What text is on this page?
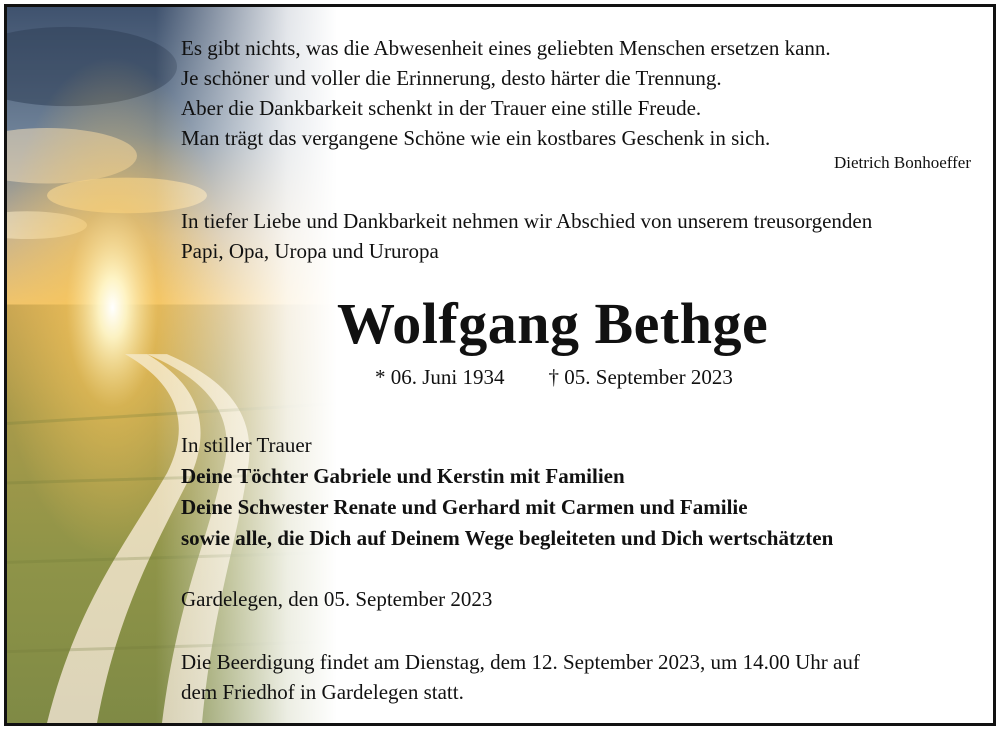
Es gibt nichts, was die Abwesenheit eines geliebten Menschen ersetzen kann.
Je schöner und voller die Erinnerung, desto härter die Trennung.
Aber die Dankbarkeit schenkt in der Trauer eine stille Freude.
Man trägt das vergangene Schöne wie ein kostbares Geschenk in sich.
Dietrich Bonhoeffer
In tiefer Liebe und Dankbarkeit nehmen wir Abschied von unserem treusorgenden
Papi, Opa, Uropa und Ururopa
Wolfgang Bethge
* 06. Juni 1934 † 05. September 2023
In stiller Trauer
Deine Töchter Gabriele und Kerstin mit Familien
Deine Schwester Renate und Gerhard mit Carmen und Familie
sowie alle, die Dich auf Deinem Wege begleiteten und Dich wertschätzten
Gardelegen, den 05. September 2023
Die Beerdigung findet am Dienstag, dem 12. September 2023, um 14.00 Uhr auf
dem Friedhof in Gardelegen statt.
